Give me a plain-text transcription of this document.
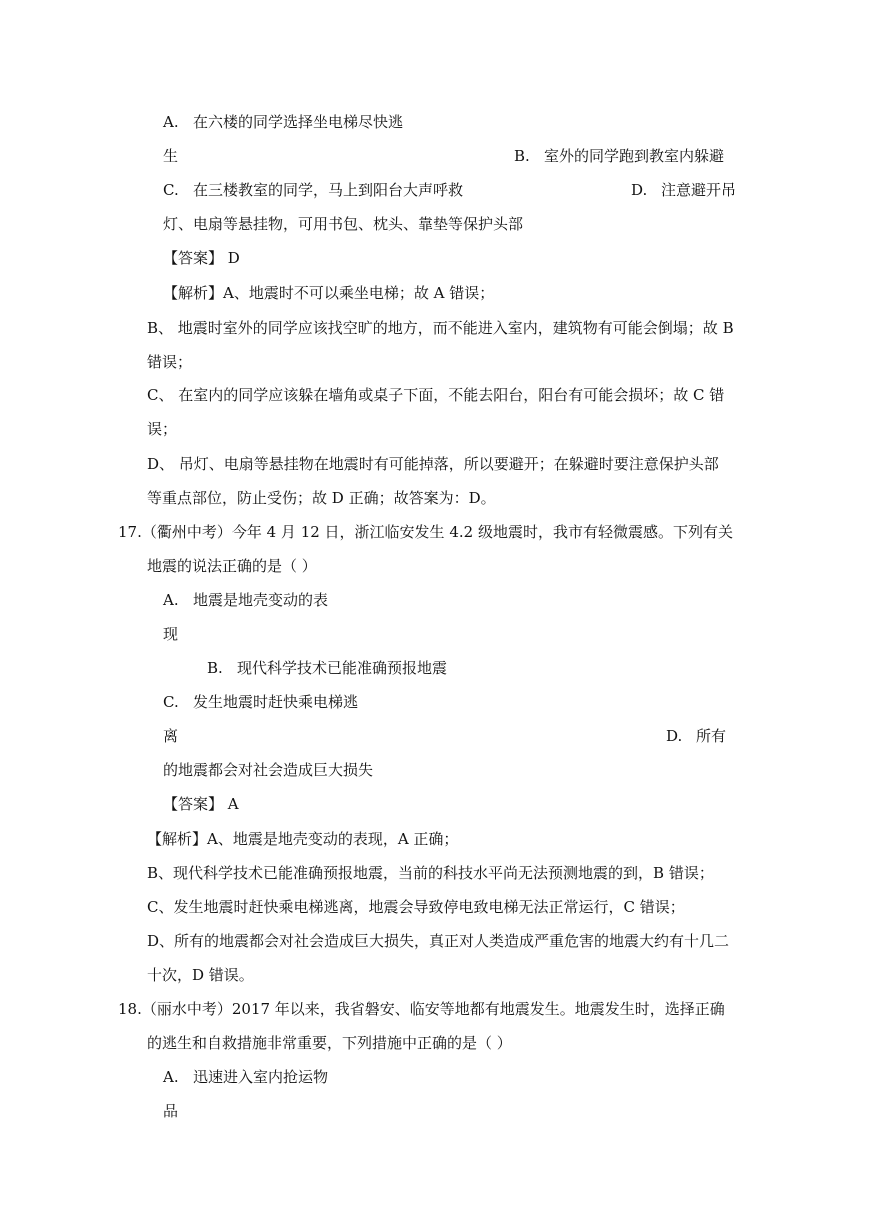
A. 在六楼的同学选择坐电梯尽快逃
生	B. 室外的同学跑到教室内躲避
C. 在三楼教室的同学，马上到阳台大声呼救	D. 注意避开吊
灯、电扇等悬挂物，可用书包、枕头、靠垫等保护头部
【答案】 D
【解析】A、地震时不可以乘坐电梯；故 A 错误；
B、 地震时室外的同学应该找空旷的地方，而不能进入室内，建筑物有可能会倒塌；故 B
错误；
C、 在室内的同学应该躲在墙角或桌子下面，不能去阳台，阳台有可能会损坏；故 C 错
误；
D、 吊灯、电扇等悬挂物在地震时有可能掉落，所以要避开；在躲避时要注意保护头部
等重点部位，防止受伤；故 D 正确；故答案为：D。
17.（衢州中考）今年 4 月 12 日，浙江临安发生 4.2 级地震时，我市有轻微震感。下列有关
地震的说法正确的是（ ）
A. 地震是地壳变动的表
现
B. 现代科学技术已能准确预报地震
C. 发生地震时赶快乘电梯逃
离	D. 所有
的地震都会对社会造成巨大损失
【答案】 A
【解析】A、地震是地壳变动的表现，A 正确；
B、现代科学技术已能准确预报地震，当前的科技水平尚无法预测地震的到，B 错误；
C、发生地震时赶快乘电梯逃离，地震会导致停电致电梯无法正常运行，C 错误；
D、所有的地震都会对社会造成巨大损失，真正对人类造成严重危害的地震大约有十几二
十次，D 错误。
18.（丽水中考）2017 年以来，我省磐安、临安等地都有地震发生。地震发生时，选择正确
的逃生和自救措施非常重要，下列措施中正确的是（ ）
A. 迅速进入室内抢运物
品
